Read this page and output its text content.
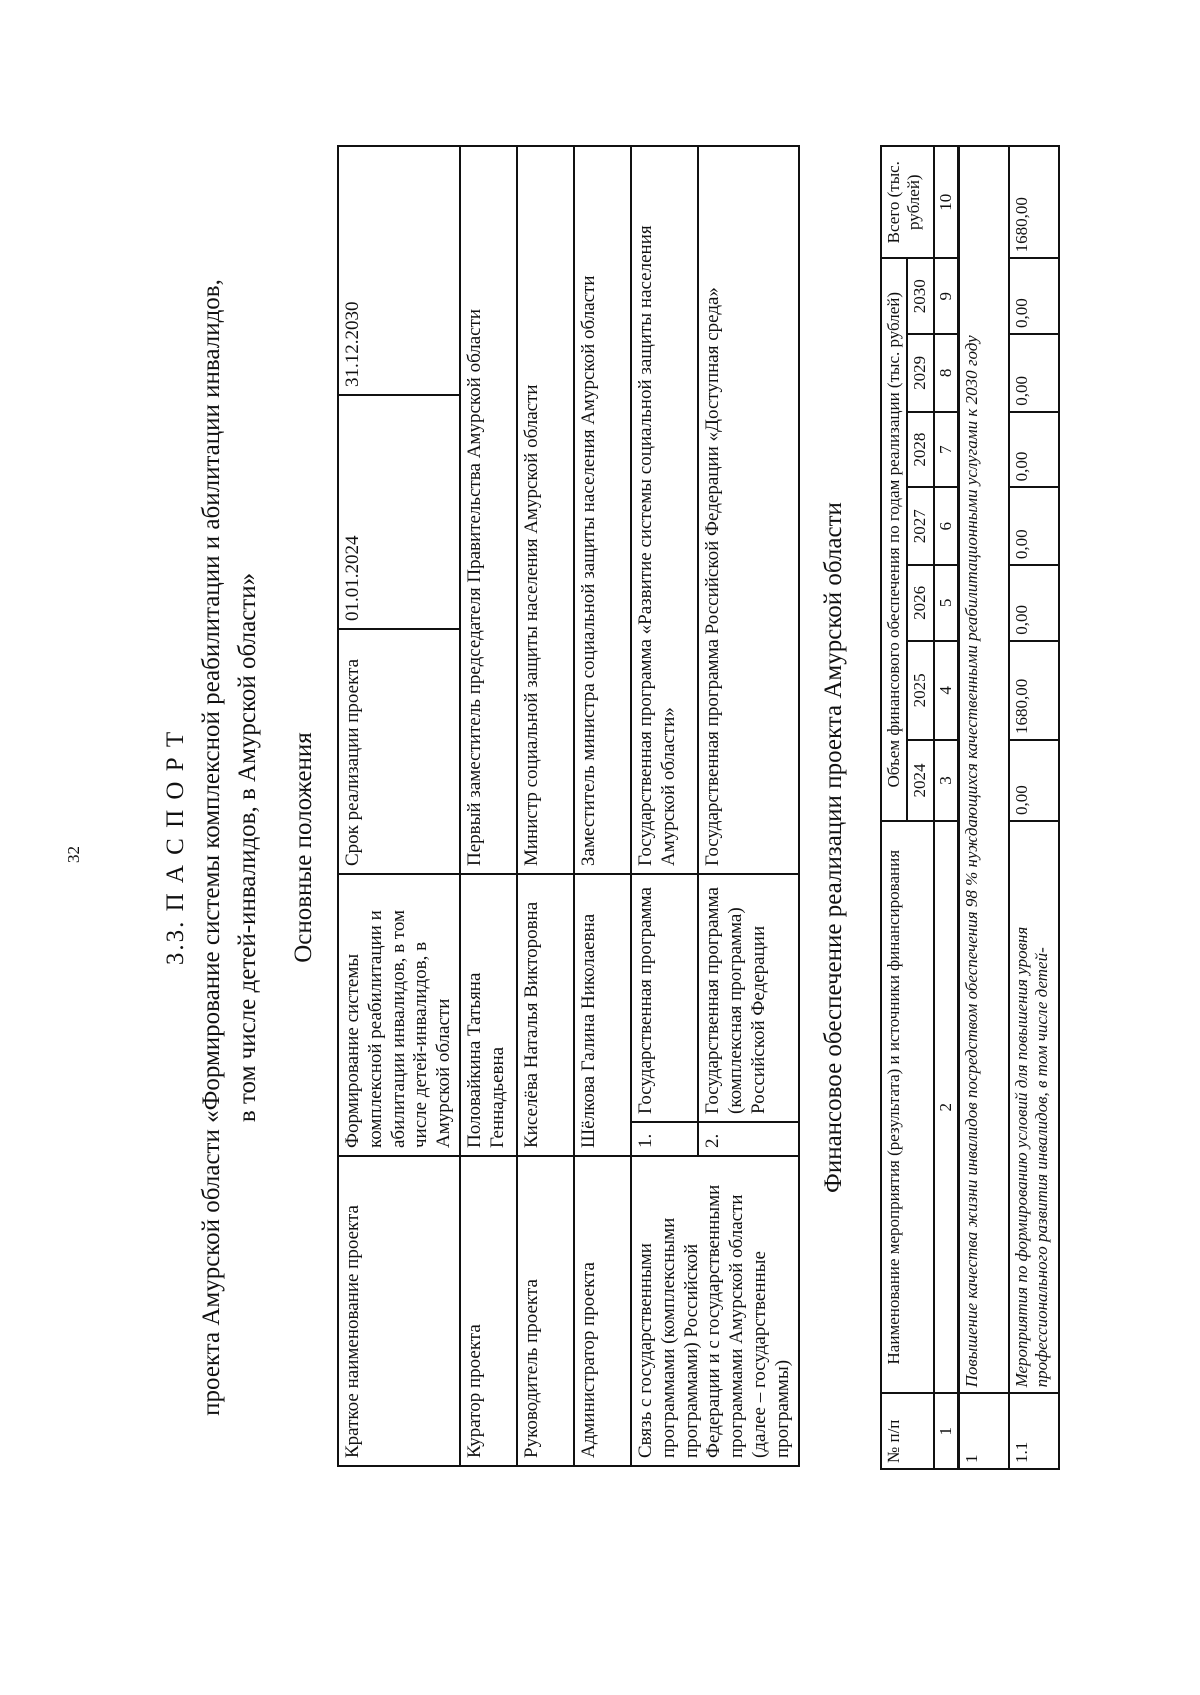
32	3.3. П А С П О Р Т проекта Амурской области «Формирование системы комплексной реабилитации и абилитации инвалидов, в том числе детей-инвалидов, в Амурской области» Основные положения
Краткое наименование проекта	Формирование системы комплексной реабилитации и абилитации инвалидов, в том числе детей-инвалидов, в Амурской области		Срок реализации проекта	01.01.2024	31.12.2030
Куратор проекта	Половайкина Татьяна Геннадьевна		Первый заместитель председателя Правительства Амурской области		
Руководитель проекта	Киселёва Наталья Викторовна		Министр социальной защиты населения Амурской области		
Администратор проекта	Шёлкова Галина Николаевна		Заместитель министра социальной защиты населения Амурской области		
Связь с государственными программами (комплексными программами) Российской Федерации и с государственными программами Амурской области (далее – государственные программы)	1.	Государственная программа	Государственная программа «Развитие системы социальной защиты населения Амурской области»		
	2.	Государственная программа (комплексная программа) Российской Федерации	Государственная программа Российской Федерации «Доступная среда»			Финансовое обеспечение реализации проекта Амурской области
№ п/п	Наименование мероприятия (результата) и источники финансирования	Объем финансового обеспечения по годам реализации (тыс. рублей)							Всего (тыс. рублей)
		2024	2025	2026	2027	2028	2029	2030	
1	2	3	4	5	6	7	8	9	10
1	Повышение качества жизни инвалидов посредством обеспечения 98 % нуждающихся качественными реабилитационными услугами к 2030 году								
1.1	Мероприятия по формированию условий для повышения уровня профессионального развития инвалидов, в том числе детей-	0,00	1680,00	0,00	0,00	0,00	0,00	0,00	1680,00
